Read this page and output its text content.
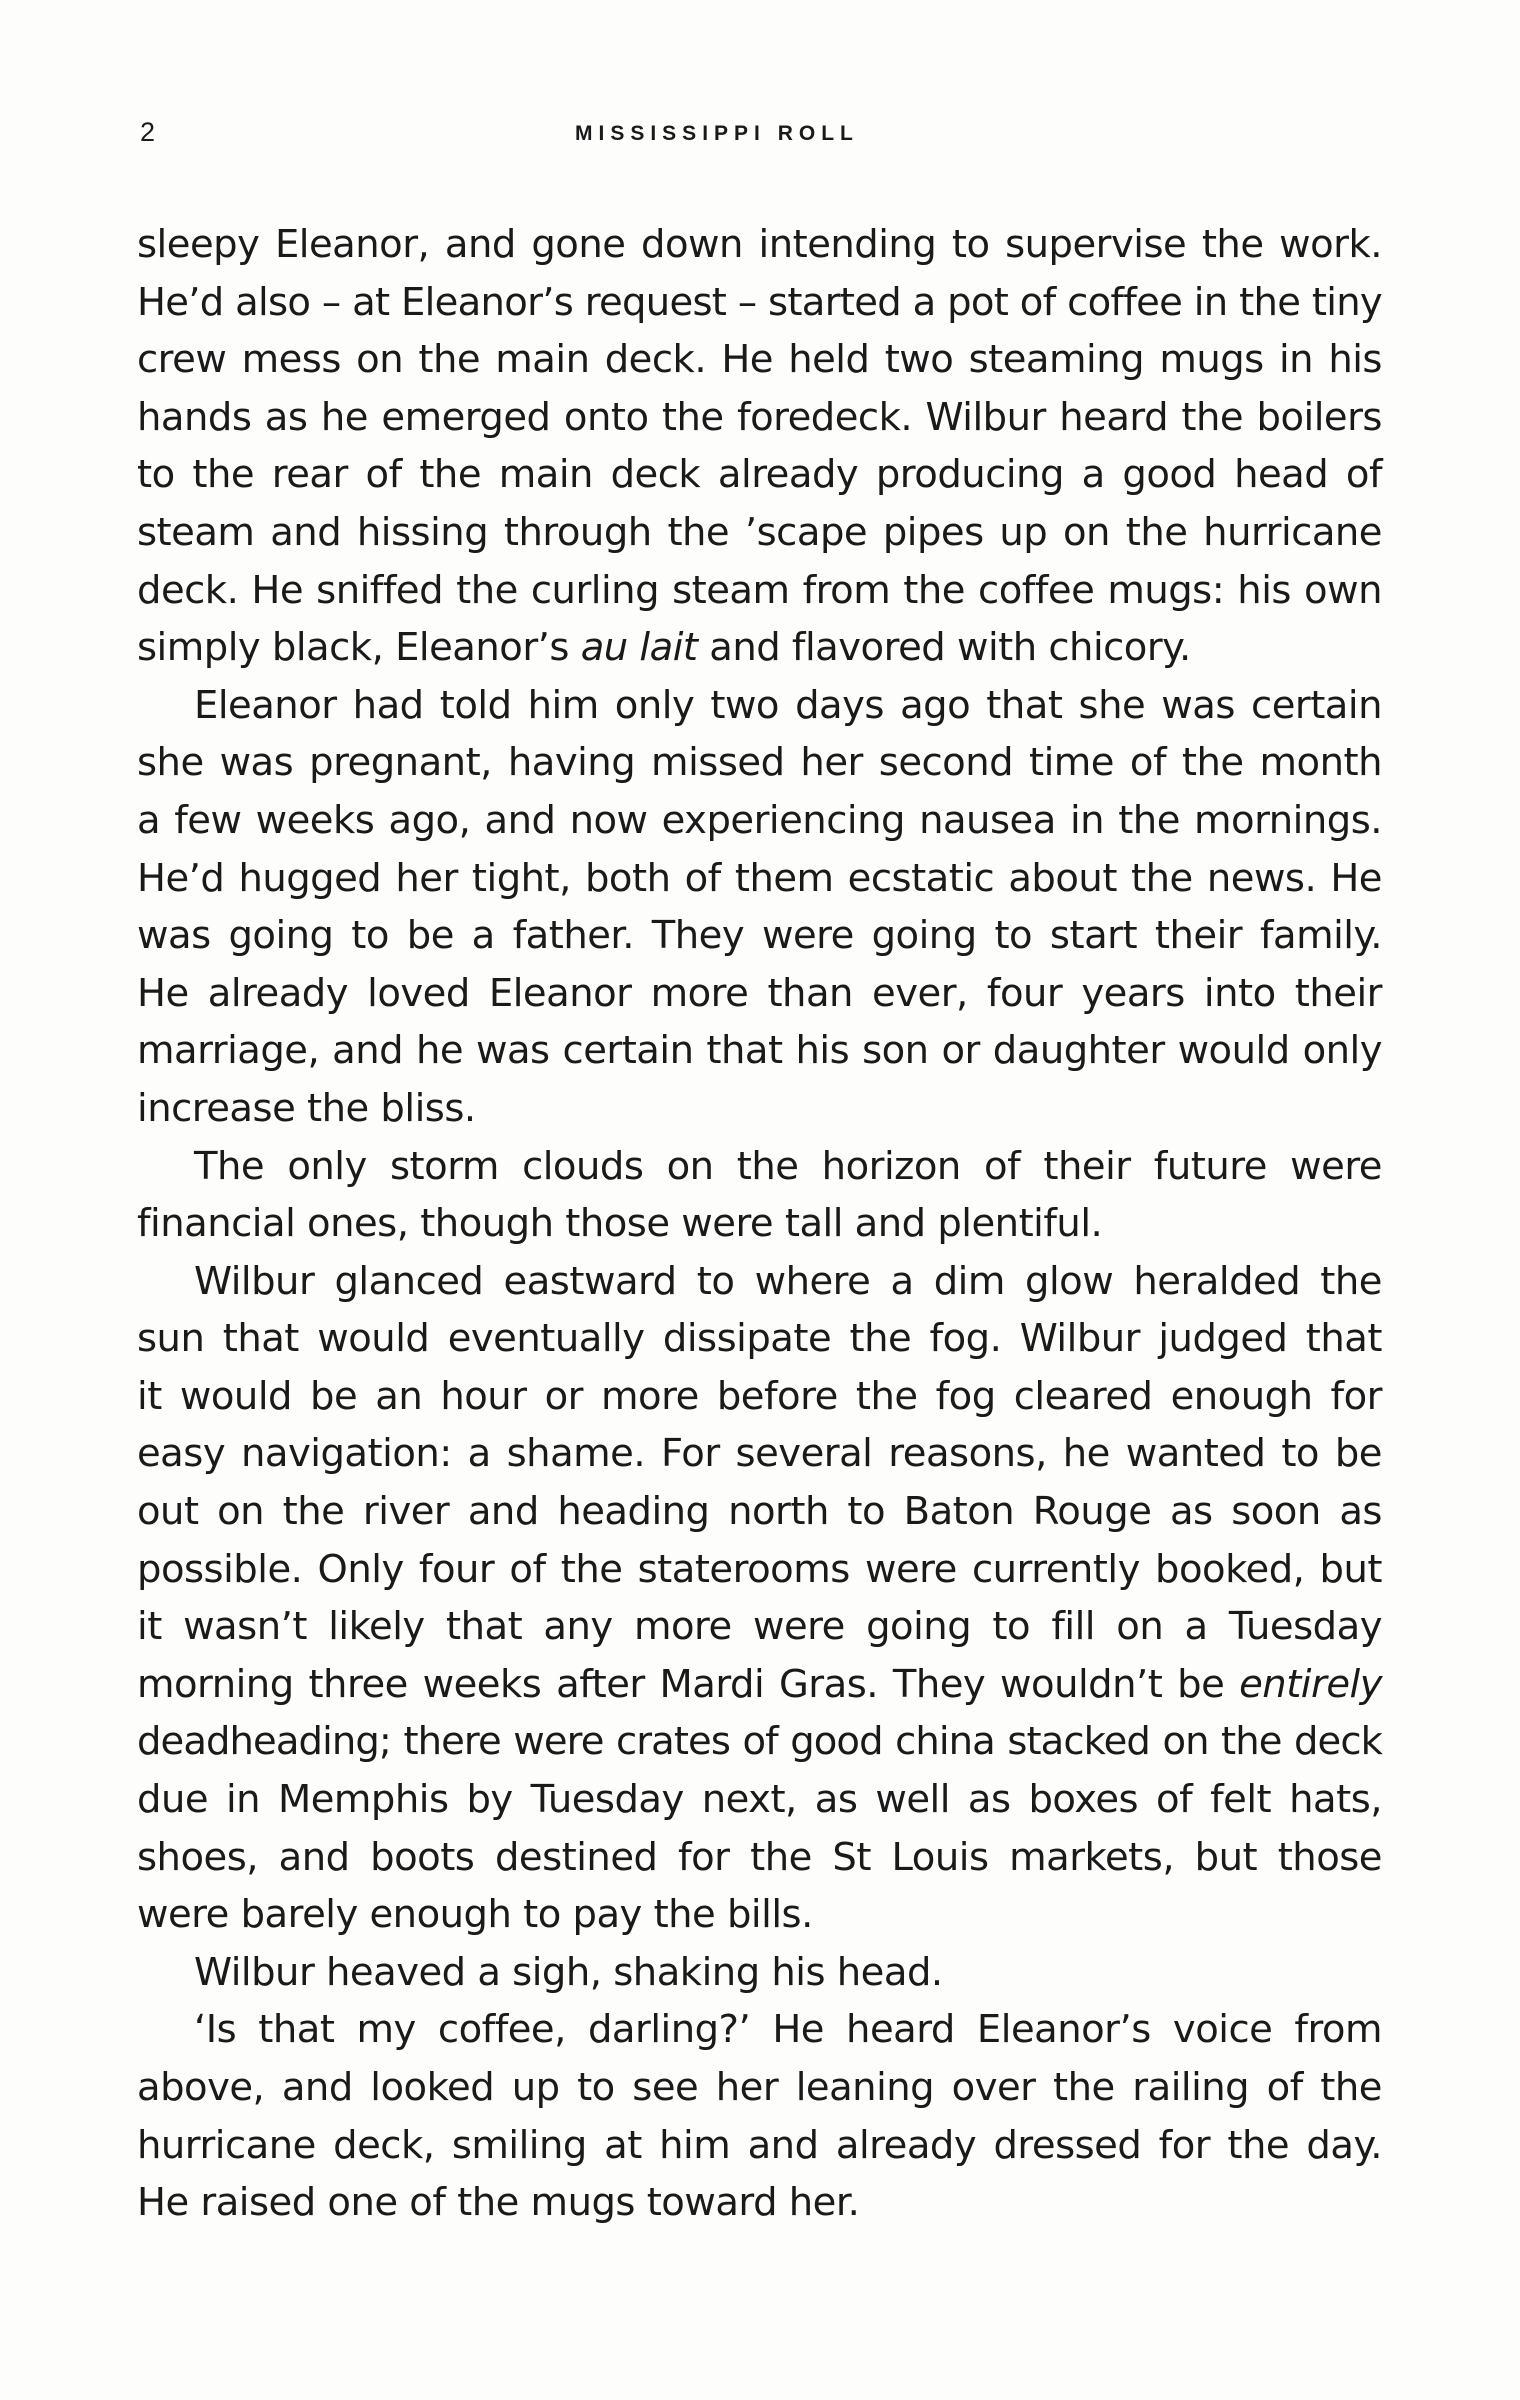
2	MISSISSIPPI ROLL
sleepy Eleanor, and gone down intending to supervise the work.
He’d also – at Eleanor’s request – started a pot of coffee in the tiny
crew mess on the main deck. He held two steaming mugs in his
hands as he emerged onto the foredeck. Wilbur heard the boilers
to the rear of the main deck already producing a good head of
steam and hissing through the ’scape pipes up on the hurricane
deck. He sniffed the curling steam from the coffee mugs: his own
simply black, Eleanor’s au lait and flavored with chicory.
Eleanor had told him only two days ago that she was certain
she was pregnant, having missed her second time of the month
a few weeks ago, and now experiencing nausea in the mornings.
He’d hugged her tight, both of them ecstatic about the news. He
was going to be a father. They were going to start their family.
He already loved Eleanor more than ever, four years into their
marriage, and he was certain that his son or daughter would only
increase the bliss.
The only storm clouds on the horizon of their future were
financial ones, though those were tall and plentiful.
Wilbur glanced eastward to where a dim glow heralded the
sun that would eventually dissipate the fog. Wilbur judged that
it would be an hour or more before the fog cleared enough for
easy navigation: a shame. For several reasons, he wanted to be
out on the river and heading north to Baton Rouge as soon as
possible. Only four of the staterooms were currently booked, but
it wasn’t likely that any more were going to fill on a Tuesday
morning three weeks after Mardi Gras. They wouldn’t be entirely
deadheading; there were crates of good china stacked on the deck
due in Memphis by Tuesday next, as well as boxes of felt hats,
shoes, and boots destined for the St Louis markets, but those
were barely enough to pay the bills.
Wilbur heaved a sigh, shaking his head.
‘Is that my coffee, darling?’ He heard Eleanor’s voice from
above, and looked up to see her leaning over the railing of the
hurricane deck, smiling at him and already dressed for the day.
He raised one of the mugs toward her.
